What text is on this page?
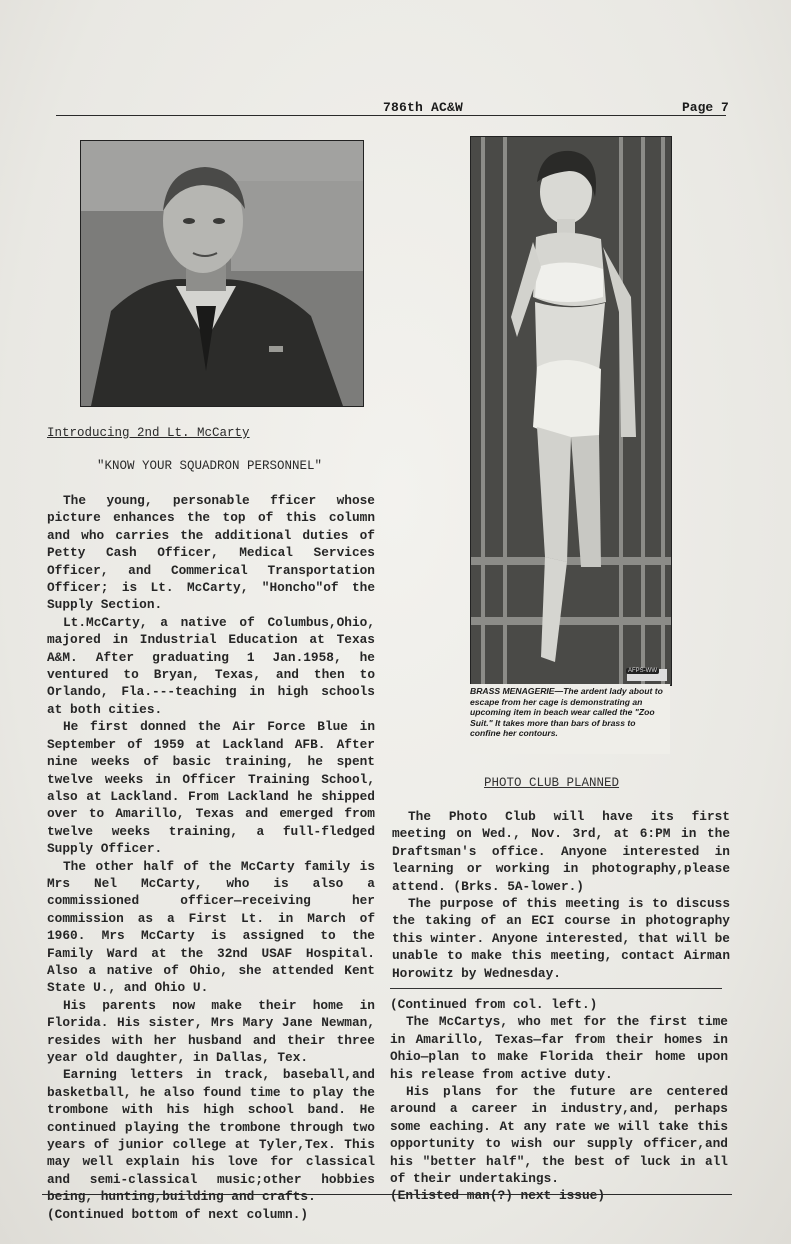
786th AC&W	Page 7
AFPS-WW
BRASS MENAGERIE—The ardent lady about to escape from her cage is demonstrating an upcoming item in beach wear called the "Zoo Suit." It takes more than bars of brass to confine her contours.
Introducing 2nd Lt. McCarty
"KNOW YOUR SQUADRON PERSONNEL"

The young, personable fficer whose picture enhances the top of this column and who carries the additional duties of Petty Cash Officer, Medical Services Officer, and Commerical Transportation Officer; is Lt. McCarty, "Honcho"of the Supply Section.

Lt.McCarty, a native of Columbus,Ohio, majored in Industrial Education at Texas A&M. After graduating 1 Jan.1958, he ventured to Bryan, Texas, and then to Orlando, Fla.---teaching in high schools at both cities.

He first donned the Air Force Blue in September of 1959 at Lackland AFB. After nine weeks of basic training, he spent twelve weeks in Officer Training School, also at Lackland. From Lackland he shipped over to Amarillo, Texas and emerged from twelve weeks training, a full-fledged Supply Officer.

The other half of the McCarty family is Mrs Nel McCarty, who is also a commissioned officer—receiving her commission as a First Lt. in March of 1960. Mrs McCarty is assigned to the Family Ward at the 32nd USAF Hospital. Also a native of Ohio, she attended Kent State U., and Ohio U.

His parents now make their home in Florida. His sister, Mrs Mary Jane Newman, resides with her husband and their three year old daughter, in Dallas, Tex.

Earning letters in track, baseball,and basketball, he also found time to play the trombone with his high school band. He continued playing the trombone through two years of junior college at Tyler,Tex. This may well explain his love for classical and semi-classical music;other hobbies being, hunting,building and crafts.

(Continued bottom of next column.)

PHOTO CLUB PLANNED

The Photo Club will have its first meeting on Wed., Nov. 3rd, at 6:PM in the Draftsman's office. Anyone interested in learning or working in photography,please attend. (Brks. 5A-lower.)

The purpose of this meeting is to discuss the taking of an ECI course in photography this winter. Anyone interested, that will be unable to make this meeting, contact Airman Horowitz by Wednesday.

(Continued from col. left.)

The McCartys, who met for the first time in Amarillo, Texas—far from their homes in Ohio—plan to make Florida their home upon his release from active duty.

His plans for the future are centered around a career in industry,and, perhaps some eaching. At any rate we will take this opportunity to wish our supply officer,and his "better half", the best of luck in all of their undertakings.

(Enlisted man(?) next issue)
